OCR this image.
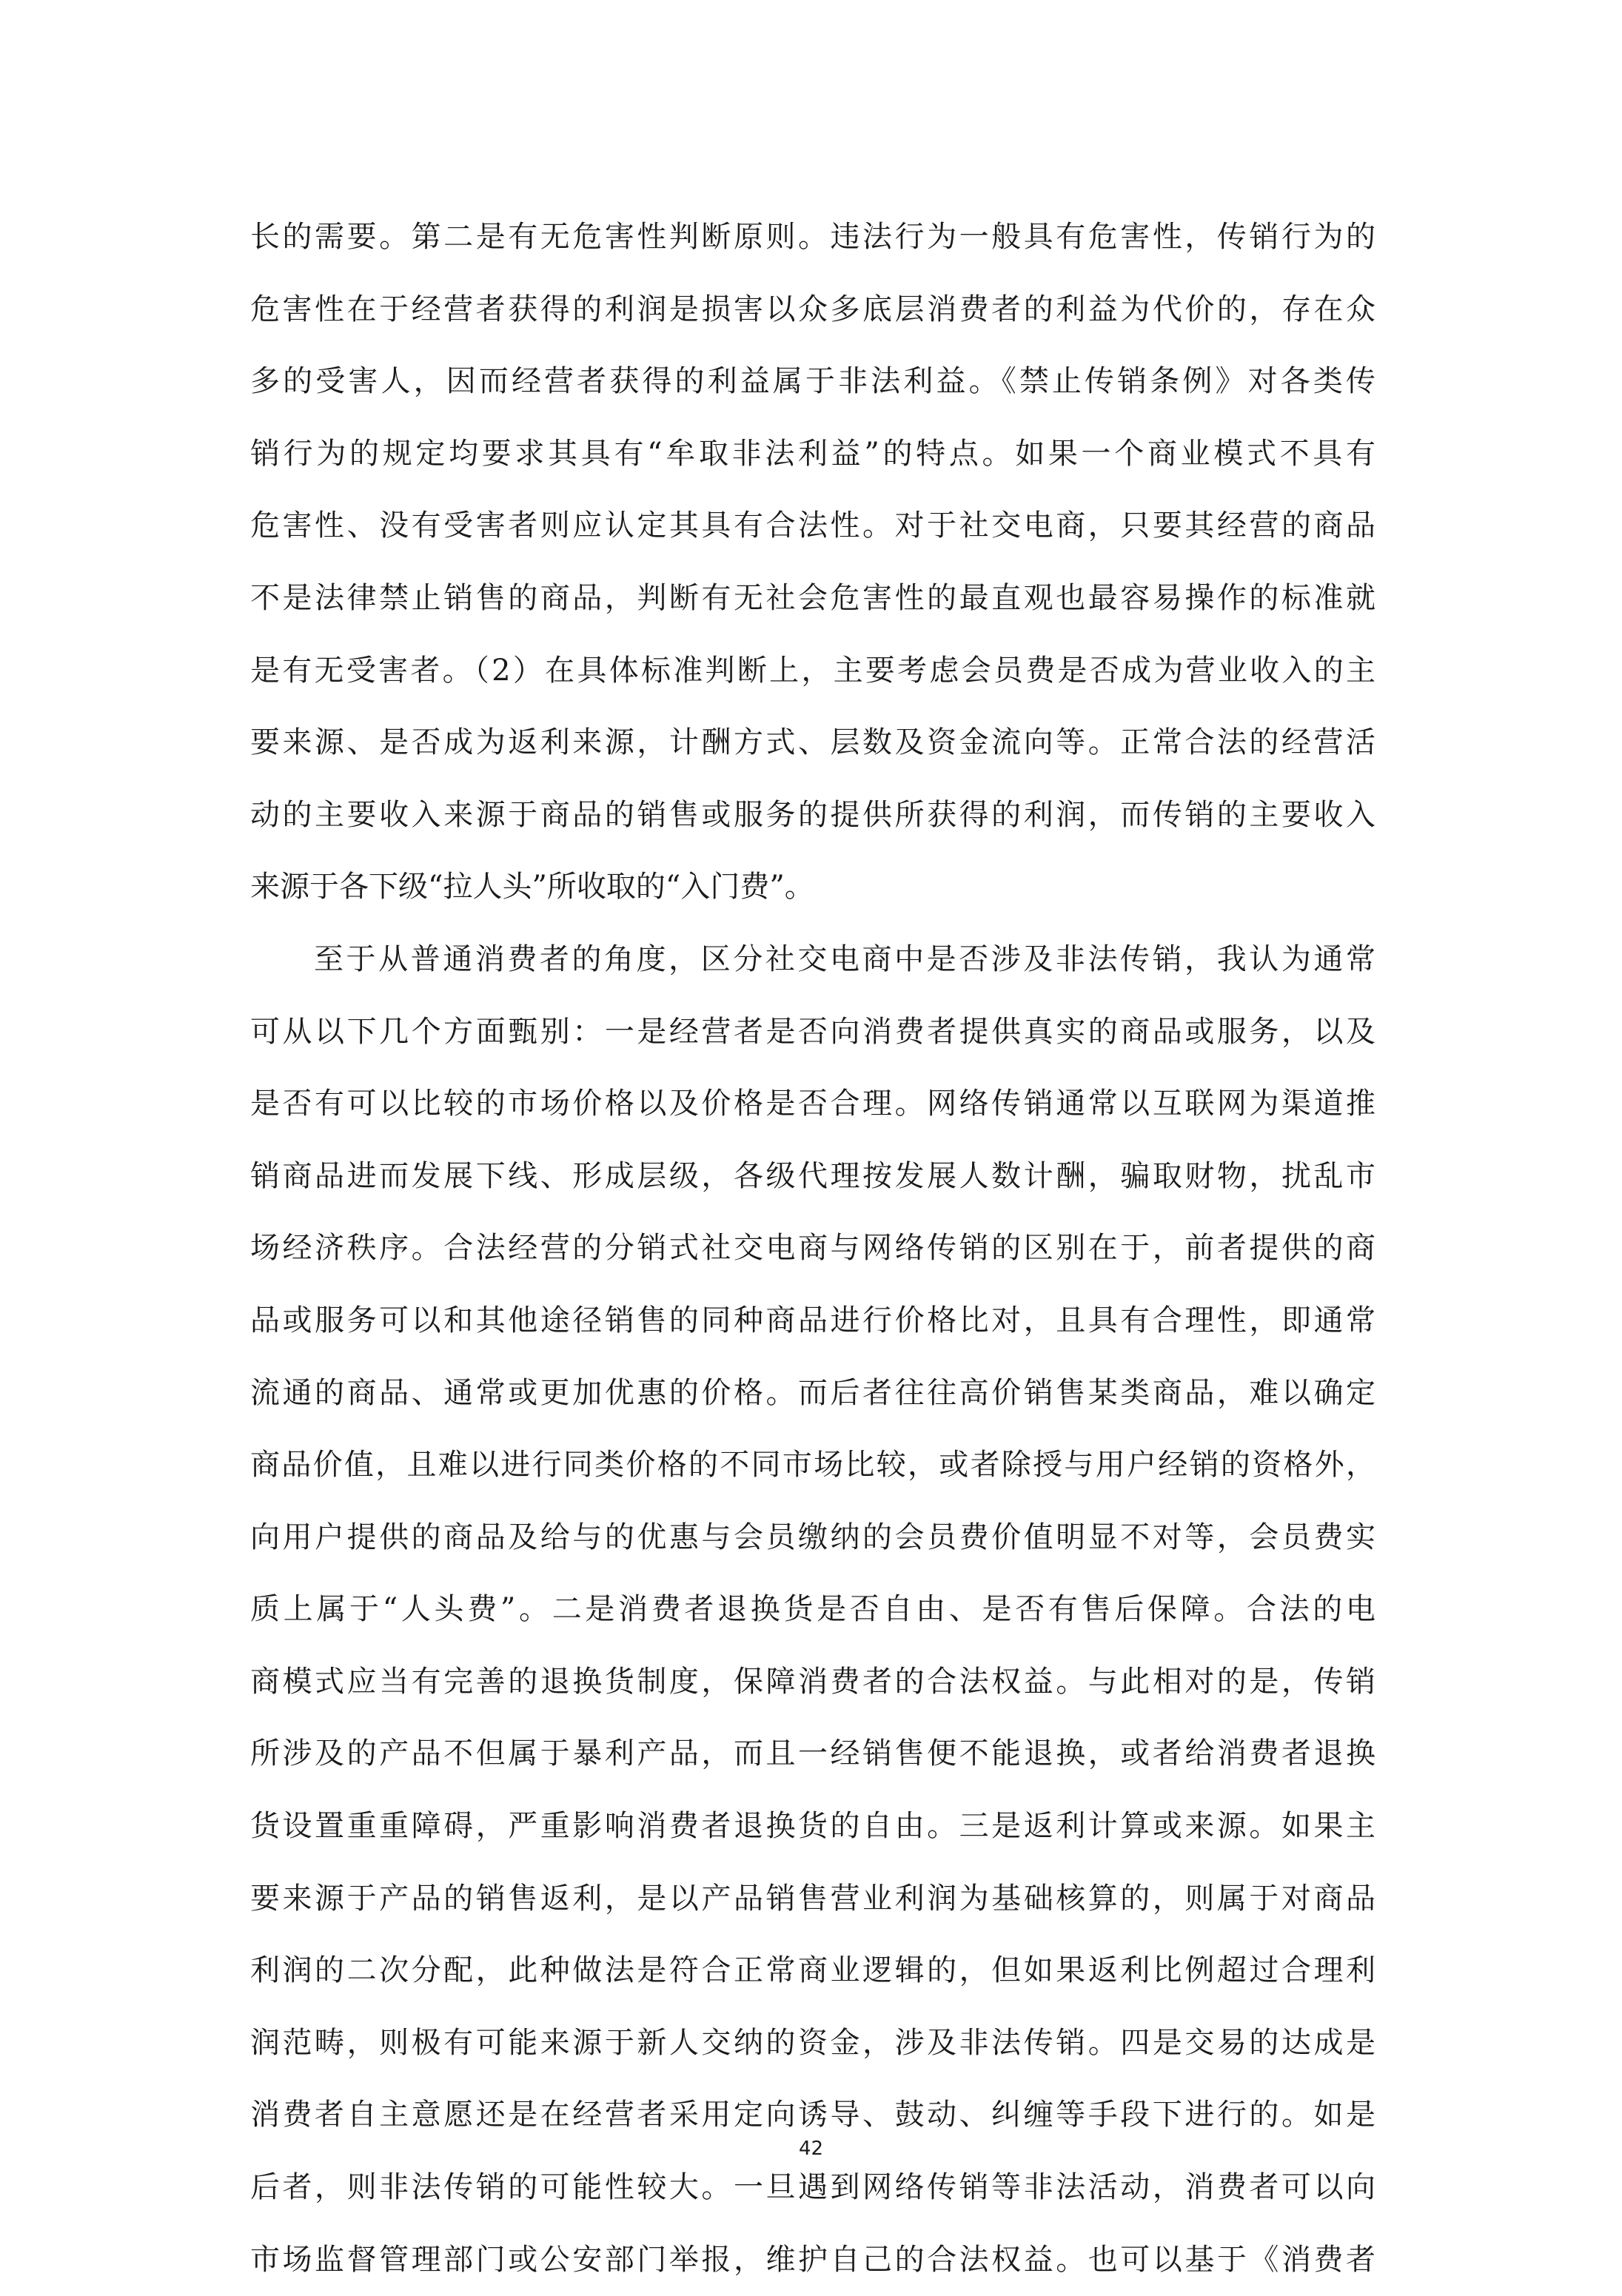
长的需要。第二是有无危害性判断原则。违法行为一般具有危害性，传销行为的
危害性在于经营者获得的利润是损害以众多底层消费者的利益为代价的，存在众
多的受害人，因而经营者获得的利益属于非法利益。《禁止传销条例》对各类传
销行为的规定均要求其具有“牟取非法利益”的特点。如果一个商业模式不具有
危害性、没有受害者则应认定其具有合法性。对于社交电商，只要其经营的商品
不是法律禁止销售的商品，判断有无社会危害性的最直观也最容易操作的标准就
是有无受害者。（2）在具体标准判断上，主要考虑会员费是否成为营业收入的主
要来源、是否成为返利来源，计酬方式、层数及资金流向等。正常合法的经营活
动的主要收入来源于商品的销售或服务的提供所获得的利润，而传销的主要收入
来源于各下级“拉人头”所收取的“入门费”。
至于从普通消费者的角度，区分社交电商中是否涉及非法传销，我认为通常
可从以下几个方面甄别：一是经营者是否向消费者提供真实的商品或服务，以及
是否有可以比较的市场价格以及价格是否合理。网络传销通常以互联网为渠道推
销商品进而发展下线、形成层级，各级代理按发展人数计酬，骗取财物，扰乱市
场经济秩序。合法经营的分销式社交电商与网络传销的区别在于，前者提供的商
品或服务可以和其他途径销售的同种商品进行价格比对，且具有合理性，即通常
流通的商品、通常或更加优惠的价格。而后者往往高价销售某类商品，难以确定
商品价值，且难以进行同类价格的不同市场比较，或者除授与用户经销的资格外，
向用户提供的商品及给与的优惠与会员缴纳的会员费价值明显不对等，会员费实
质上属于“人头费”。二是消费者退换货是否自由、是否有售后保障。合法的电
商模式应当有完善的退换货制度，保障消费者的合法权益。与此相对的是，传销
所涉及的产品不但属于暴利产品，而且一经销售便不能退换，或者给消费者退换
货设置重重障碍，严重影响消费者退换货的自由。三是返利计算或来源。如果主
要来源于产品的销售返利，是以产品销售营业利润为基础核算的，则属于对商品
利润的二次分配，此种做法是符合正常商业逻辑的，但如果返利比例超过合理利
润范畴，则极有可能来源于新人交纳的资金，涉及非法传销。四是交易的达成是
消费者自主意愿还是在经营者采用定向诱导、鼓动、纠缠等手段下进行的。如是
后者，则非法传销的可能性较大。一旦遇到网络传销等非法活动，消费者可以向
市场监督管理部门或公安部门举报，维护自己的合法权益。也可以基于《消费者
42
